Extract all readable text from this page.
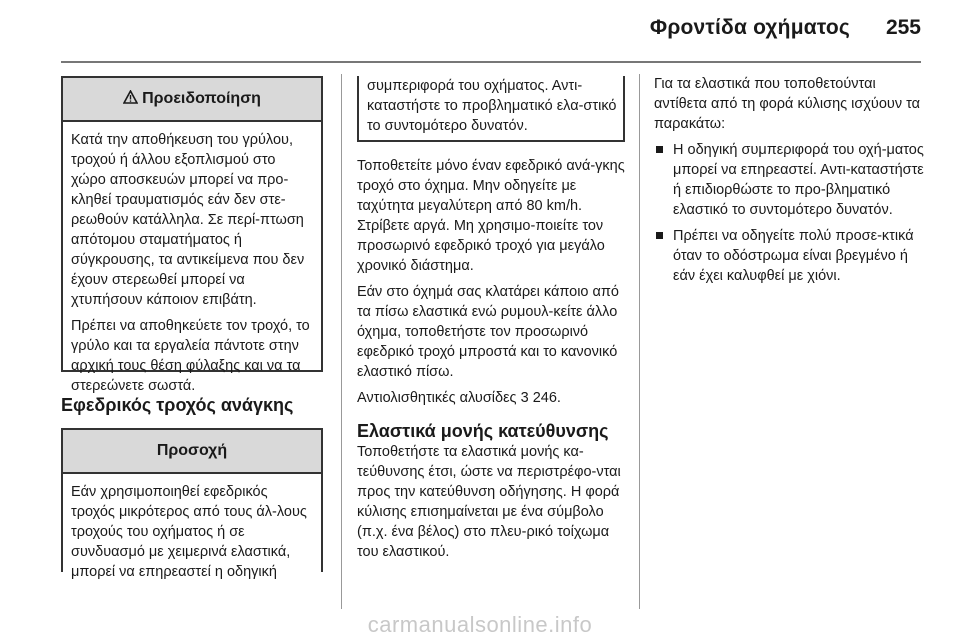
Φροντίδα οχήματος 255
Προειδοποίηση

Κατά την αποθήκευση του γρύλου, τροχού ή άλλου εξοπλισμού στο χώρο αποσκευών μπορεί να προ-κληθεί τραυματισμός εάν δεν στε-ρεωθούν κατάλληλα. Σε περί-πτωση απότομου σταματήματος ή σύγκρουσης, τα αντικείμενα που δεν έχουν στερεωθεί μπορεί να χτυπήσουν κάποιον επιβάτη.

Πρέπει να αποθηκεύετε τον τροχό, το γρύλο και τα εργαλεία πάντοτε στην αρχική τους θέση φύλαξης και να τα στερεώνετε σωστά.

Εφεδρικός τροχός ανάγκης
Προσοχή

Εάν χρησιμοποιηθεί εφεδρικός τροχός μικρότερος από τους άλ-λους τροχούς του οχήματος ή σε συνδυασμό με χειμερινά ελαστικά, μπορεί να επηρεαστεί η οδηγική

συμπεριφορά του οχήματος. Αντι-καταστήστε το προβληματικό ελα-στικό το συντομότερο δυνατόν.

Τοποθετείτε μόνο έναν εφεδρικό ανά-γκης τροχό στο όχημα. Μην οδηγείτε με ταχύτητα μεγαλύτερη από 80 km/h. Στρίβετε αργά. Μη χρησιμο-ποιείτε τον προσωρινό εφεδρικό τροχό για μεγάλο χρονικό διάστημα.

Εάν στο όχημά σας κλατάρει κάποιο από τα πίσω ελαστικά ενώ ρυμουλ-κείτε άλλο όχημα, τοποθετήστε τον προσωρινό εφεδρικό τροχό μπροστά και το κανονικό ελαστικό πίσω.

Αντιολισθητικές αλυσίδες 3 246.

Ελαστικά μονής κατεύθυνσης

Τοποθετήστε τα ελαστικά μονής κα-τεύθυνσης έτσι, ώστε να περιστρέφο-νται προς την κατεύθυνση οδήγησης. Η φορά κύλισης επισημαίνεται με ένα σύμβολο (π.χ. ένα βέλος) στο πλευ-ρικό τοίχωμα του ελαστικού.

Για τα ελαστικά που τοποθετούνται αντίθετα από τη φορά κύλισης ισχύουν τα παρακάτω:

Η οδηγική συμπεριφορά του οχή-ματος μπορεί να επηρεαστεί. Αντι-καταστήστε ή επιδιορθώστε το προ-βληματικό ελαστικό το συντομότερο δυνατόν.
Πρέπει να οδηγείτε πολύ προσε-κτικά όταν το οδόστρωμα είναι βρεγμένο ή εάν έχει καλυφθεί με χιόνι.
carmanualsonline.info
